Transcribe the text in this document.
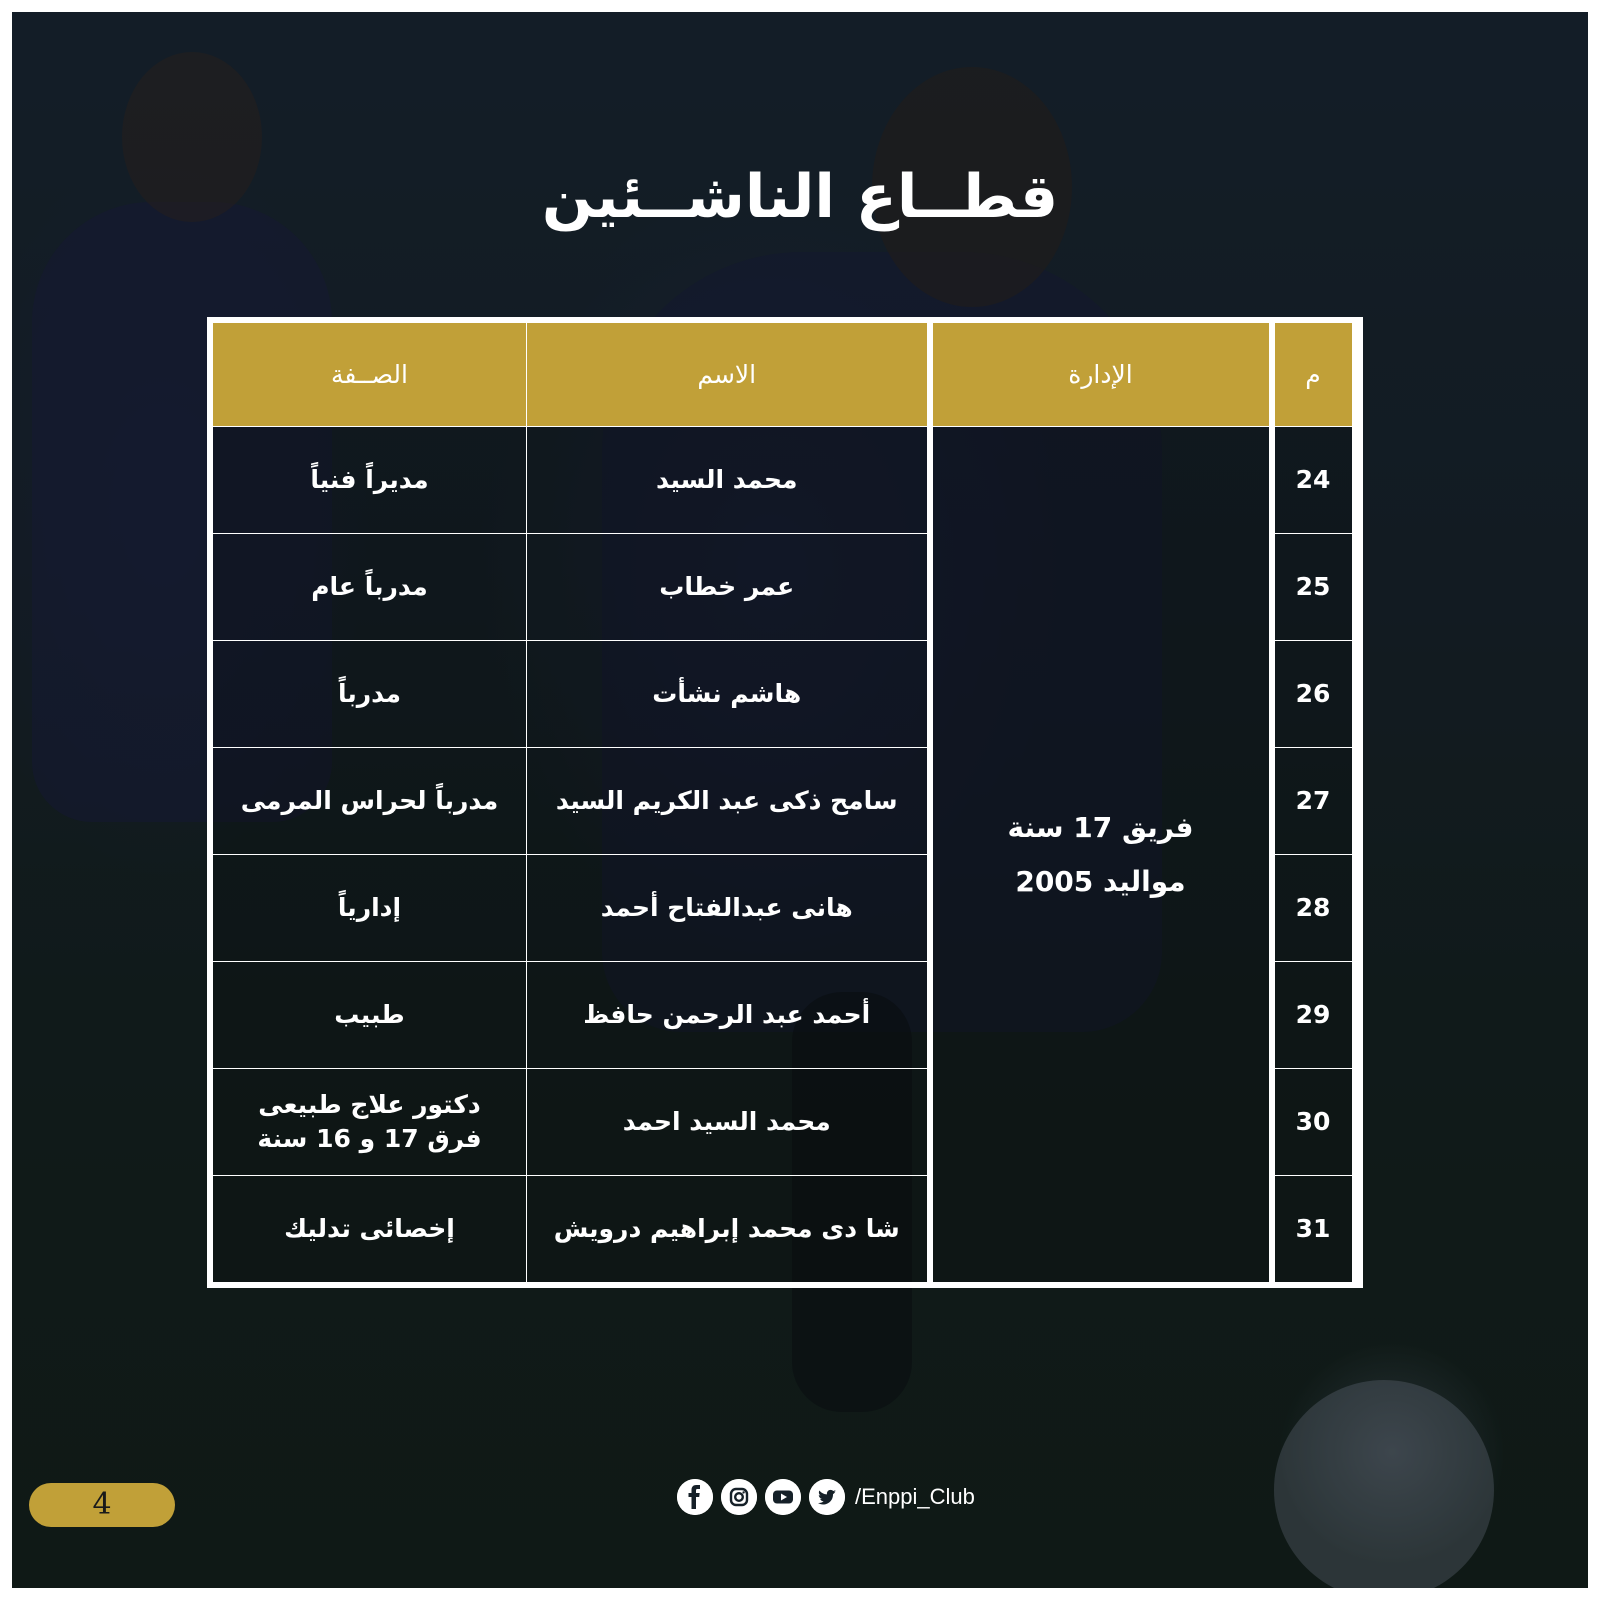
قطــاع الناشــئين
م	الإدارة	الاسم	الصــفة
24	فريق 17 سنة مواليد 2005	محمد السيد	مديراً فنياً
25		عمر خطاب	مدرباً عام
26		هاشم نشأت	مدرباً
27		سامح ذكى عبد الكريم السيد	مدرباً لحراس المرمى
28		هانى عبدالفتاح أحمد	إدارياً
29		أحمد عبد الرحمن حافظ	طبيب
30		محمد السيد احمد	دكتور علاج طبيعى فرق 17 و 16 سنة

31		شا دى محمد إبراهيم درويش	إخصائى تدليك
4	/Enppi_Club
